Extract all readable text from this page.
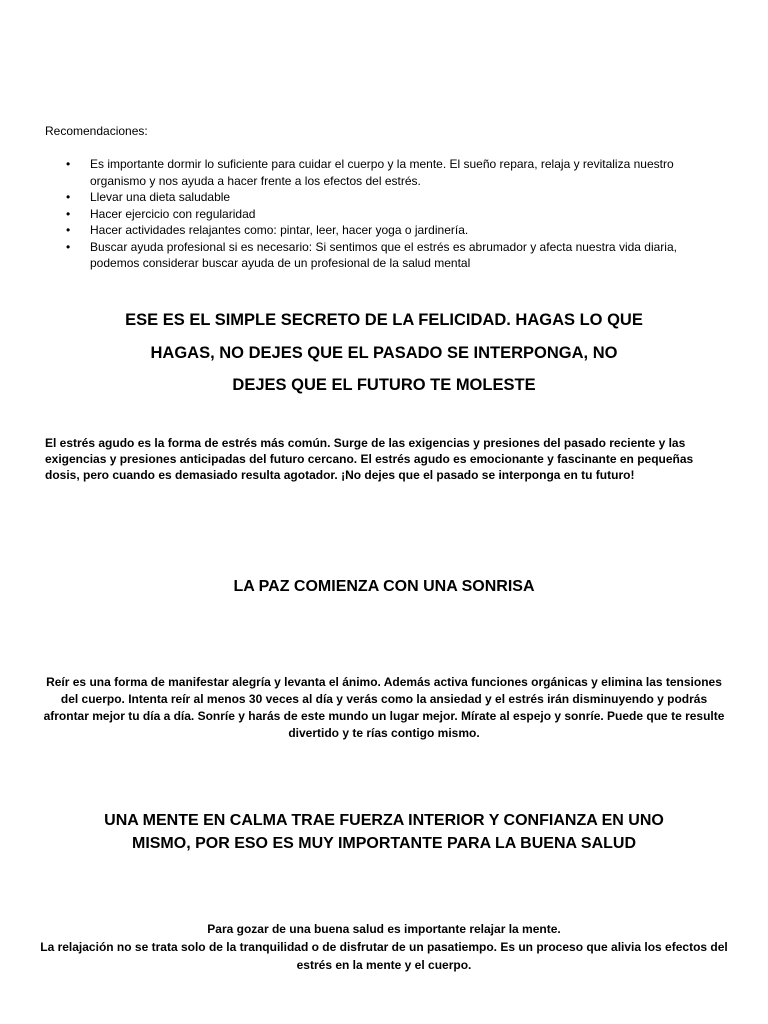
Recomendaciones:
• Es importante dormir lo suficiente para cuidar el cuerpo y la mente. El sueño repara, relaja y revitaliza nuestro organismo y nos ayuda a hacer frente a los efectos del estrés.
• Llevar una dieta saludable
• Hacer ejercicio con regularidad
• Hacer actividades relajantes como: pintar, leer, hacer yoga o jardinería.
• Buscar ayuda profesional si es necesario: Si sentimos que el estrés es abrumador y afecta nuestra vida diaria, podemos considerar buscar ayuda de un profesional de la salud mental
ESE ES EL SIMPLE SECRETO DE LA FELICIDAD. HAGAS LO QUE
HAGAS, NO DEJES QUE EL PASADO SE INTERPONGA, NO
DEJES QUE EL FUTURO TE MOLESTE
El estrés agudo es la forma de estrés más común. Surge de las exigencias y presiones del pasado reciente y las exigencias y presiones anticipadas del futuro cercano. El estrés agudo es emocionante y fascinante en pequeñas dosis, pero cuando es demasiado resulta agotador. ¡No dejes que el pasado se interponga en tu futuro!
LA PAZ COMIENZA CON UNA SONRISA
Reír es una forma de manifestar alegría y levanta el ánimo. Además activa funciones orgánicas y elimina las tensiones del cuerpo. Intenta reír al menos 30 veces al día y verás como la ansiedad y el estrés irán disminuyendo y podrás afrontar mejor tu día a día. Sonríe y harás de este mundo un lugar mejor. Mírate al espejo y sonríe. Puede que te resulte divertido y te rías contigo mismo.
UNA MENTE EN CALMA TRAE FUERZA INTERIOR Y CONFIANZA EN UNO
MISMO, POR ESO ES MUY IMPORTANTE PARA LA BUENA SALUD
Para gozar de una buena salud es importante relajar la mente.
La relajación no se trata solo de la tranquilidad o de disfrutar de un pasatiempo. Es un proceso que alivia los efectos del estrés en la mente y el cuerpo.
